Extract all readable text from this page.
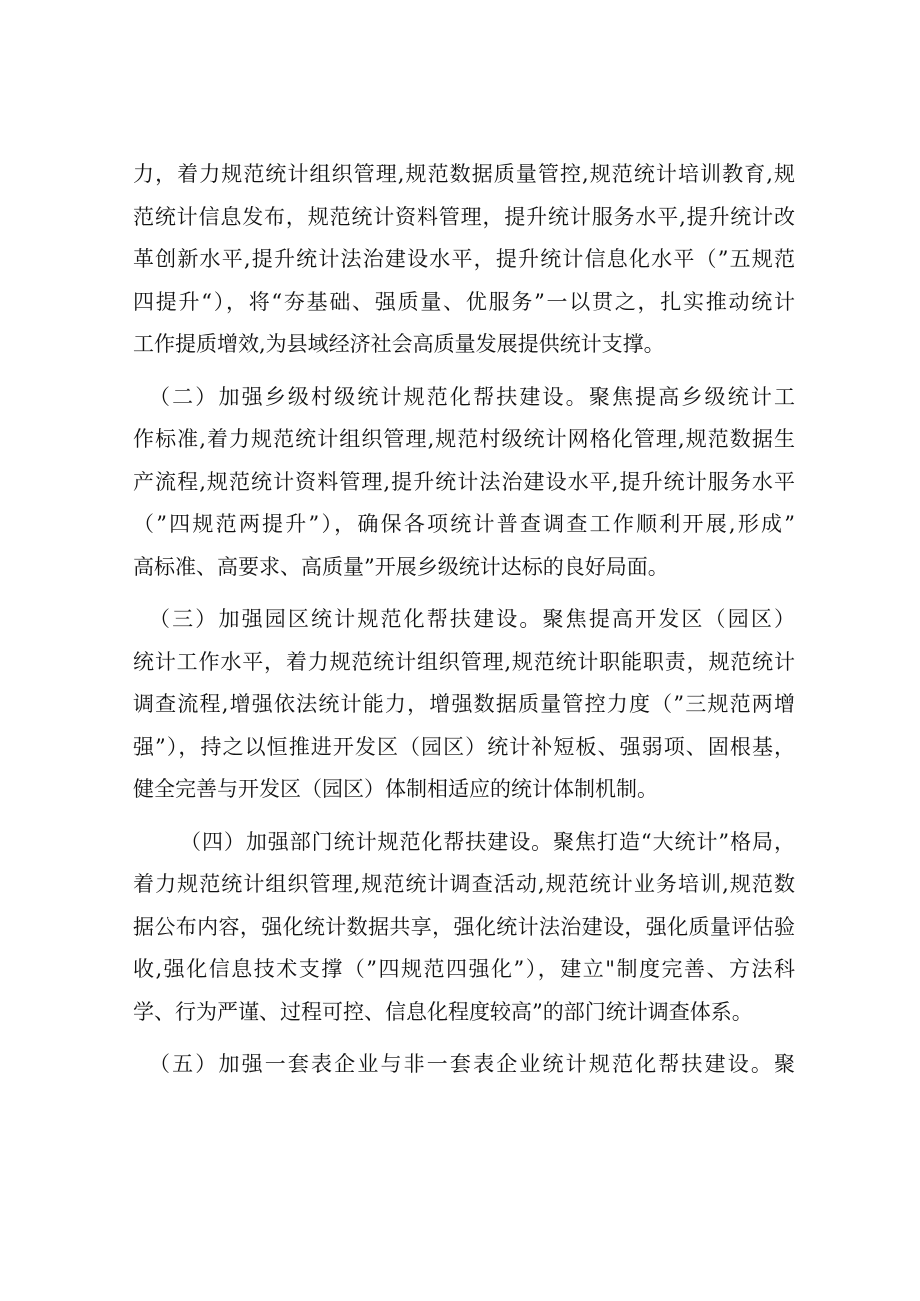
力，着力规范统计组织管理,规范数据质量管控,规范统计培训教育,规
范统计信息发布，规范统计资料管理，提升统计服务水平,提升统计改
革创新水平,提升统计法治建设水平，提升统计信息化水平（”五规范
四提升“），将“夯基础、强质量、优服务”一以贯之，扎实推动统计
工作提质增效,为县域经济社会高质量发展提供统计支撑。
（二）加强乡级村级统计规范化帮扶建设。聚焦提高乡级统计工
作标准,着力规范统计组织管理,规范村级统计网格化管理,规范数据生
产流程,规范统计资料管理,提升统计法治建设水平,提升统计服务水平
（”四规范两提升”），确保各项统计普查调查工作顺利开展,形成”
高标准、高要求、高质量”开展乡级统计达标的良好局面。
（三）加强园区统计规范化帮扶建设。聚焦提高开发区（园区）
统计工作水平，着力规范统计组织管理,规范统计职能职责，规范统计
调查流程,增强依法统计能力，增强数据质量管控力度（”三规范两增
强”），持之以恒推进开发区（园区）统计补短板、强弱项、固根基，
健全完善与开发区（园区）体制相适应的统计体制机制。
（四）加强部门统计规范化帮扶建设。聚焦打造“大统计”格局，
着力规范统计组织管理,规范统计调查活动,规范统计业务培训,规范数
据公布内容，强化统计数据共享，强化统计法治建设，强化质量评估验
收,强化信息技术支撑（”四规范四强化”），建立"制度完善、方法科
学、行为严谨、过程可控、信息化程度较高”的部门统计调查体系。
（五）加强一套表企业与非一套表企业统计规范化帮扶建设。聚
